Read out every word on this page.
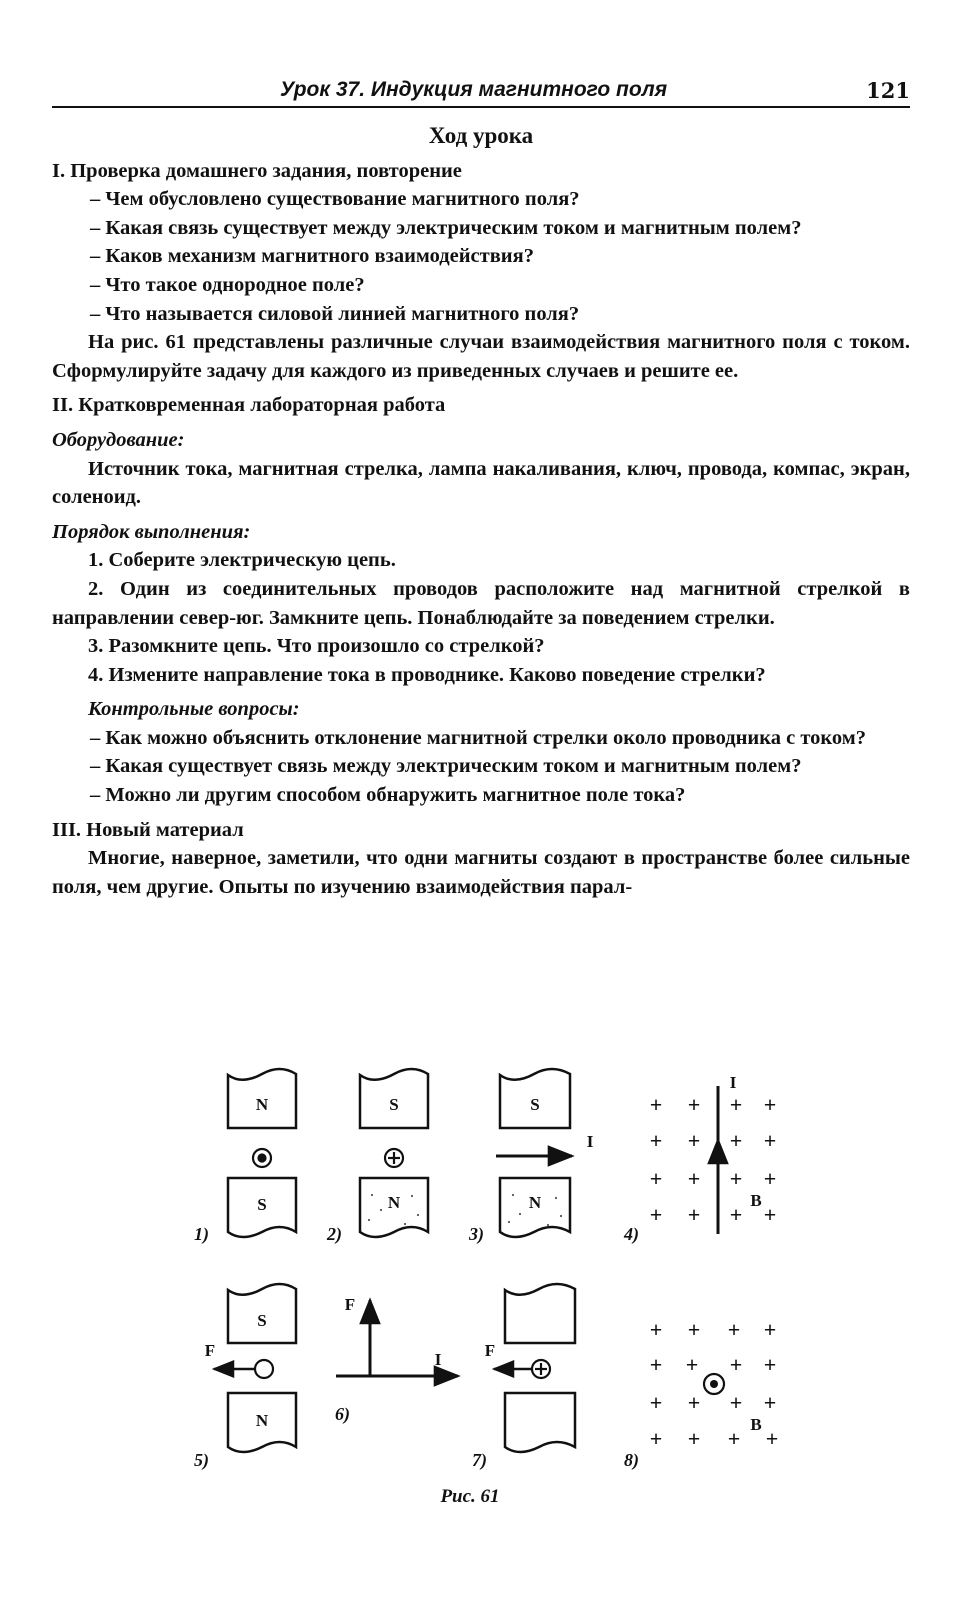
Урок 37. Индукция магнитного поля	121
Ход урока
I. Проверка домашнего задания, повторение
– Чем обусловлено существование магнитного поля?
– Какая связь существует между электрическим током и магнитным полем?
– Каков механизм магнитного взаимодействия?
– Что такое однородное поле?
– Что называется силовой линией магнитного поля?
На рис. 61 представлены различные случаи взаимодействия магнитного поля с током. Сформулируйте задачу для каждого из приведенных случаев и решите ее.
II. Кратковременная лабораторная работа
Оборудование:
Источник тока, магнитная стрелка, лампа накаливания, ключ, провода, компас, экран, соленоид.
Порядок выполнения:
1. Соберите электрическую цепь.
2. Один из соединительных проводов расположите над магнитной стрелкой в направлении север-юг. Замкните цепь. Понаблюдайте за поведением стрелки.
3. Разомкните цепь. Что произошло со стрелкой?
4. Измените направление тока в проводнике. Каково поведение стрелки?
Контрольные вопросы:
– Как можно объяснить отклонение магнитной стрелки около проводника с током?
– Какая существует связь между электрическим током и магнитным полем?
– Можно ли другим способом обнаружить магнитное поле тока?
III. Новый материал
Многие, наверное, заметили, что одни магниты создают в пространстве более сильные поля, чем другие. Опыты по изучению взаимодействия парал-
N
S
S
N
S
N
S
N
+ + + +
+ + + +
+ + + +
+ + + +
+ + + +
+ + + +
+ + + +
+ + + +
I
I
I
F
F
F
B
B
1)	2)	3)	4)
5)
6)
7)	8)
Рис. 61
